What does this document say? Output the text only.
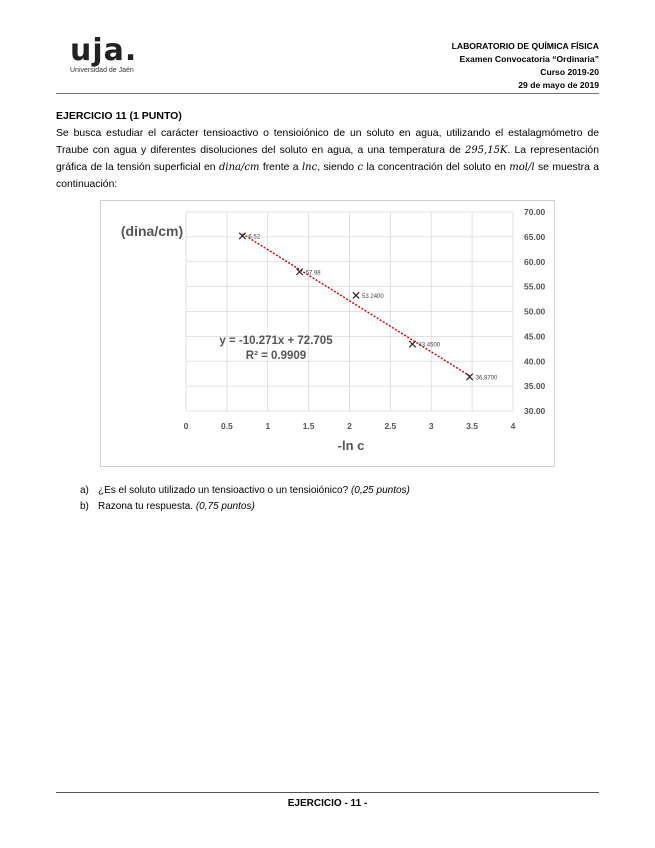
uja.
Universidad de Jaén
LABORATORIO DE QUÍMICA FÍSICA
Examen Convocatoria “Ordinaria”
Curso 2019-20
29 de mayo de 2019
EJERCICIO 11 (1 PUNTO)
Se busca estudiar el carácter tensioactivo o tensioiónico de un soluto en agua, utilizando el estalagmómetro de Traube con agua y diferentes disoluciones del soluto en agua, a una temperatura de 295,15K. La representación gráfica de la tensión superficial en dina/cm frente a lnc, siendo c la concentración del soluto en mol/l se muestra a continuación:
6.52
57.98
53.2400
43.4500
36.8700
30.00
35.00
40.00
45.00
50.00
55.00
60.00
65.00
70.00
0	0.5	1	1.5	2	2.5	3	3.5	4
(dina/cm)
-ln c
y = -10.271x + 72.705
R² = 0.9909
a) ¿Es el soluto utilizado un tensioactivo o un tensioiónico? (0,25 puntos)
b) Razona tu respuesta. (0,75 puntos)
EJERCICIO - 11 -
